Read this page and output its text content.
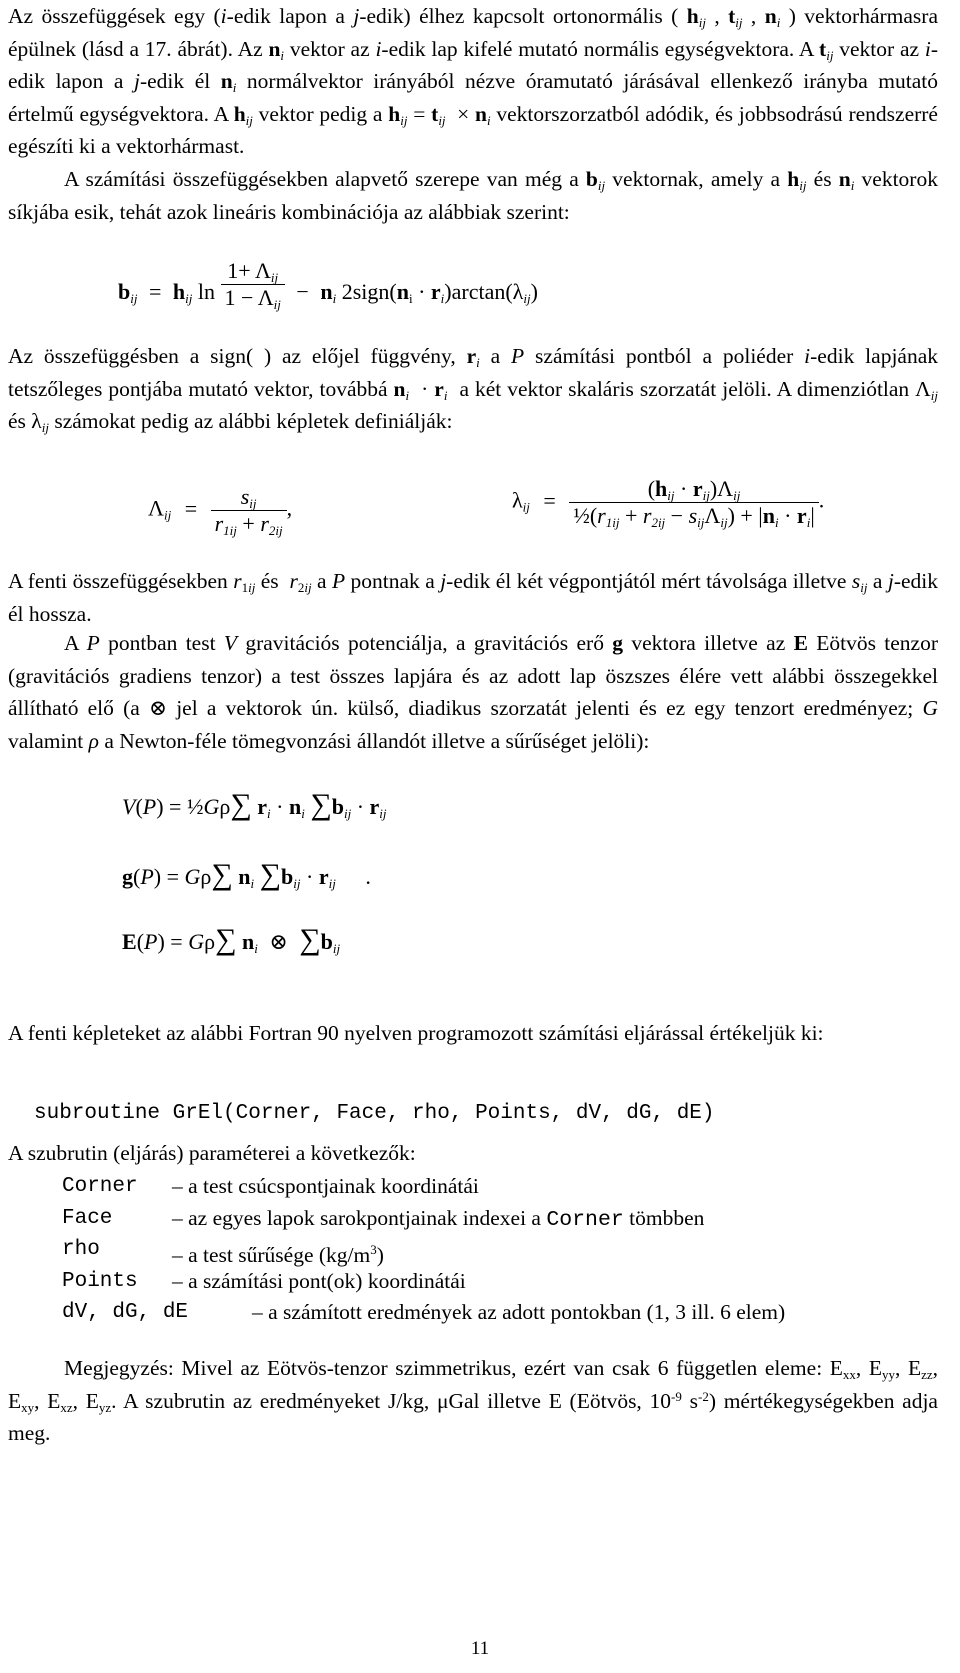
Az összefüggések egy (i-edik lapon a j-edik) élhez kapcsolt ortonormális ( $h_{ij}$ , $t_{ij}$ , $n_i$ ) vektorhármasra épülnek (lásd a 17. ábrát). Az $n_i$ vektor az i-edik lap kifelé mutató normális egységvektora. A $t_{ij}$ vektor az i-edik lapon a j-edik él $n_i$ normálvektor irányából nézve óramutató járásával ellenkező irányba mutató értelmű egységvektora. A $h_{ij}$ vektor pedig a $h_{ij} = t_{ij} \times n_i$ vektorszorzatból adódik, és jobbsodrású rendszerré egészíti ki a vektorhármast.

A számítási összefüggésekben alapvető szerepe van még a $b_{ij}$ vektornak, amely a $h_{ij}$ és $n_i$ vektorok síkjába esik, tehát azok lineáris kombinációja az alábbiak szerint:

$b_{ij} = h_{ij}$ $\ln \frac{1+ \Lambda_{ij}}{1 - \Lambda_{ij}} - n_i$ $2sign(n_i \cdot r_i)\arctan(\lambda_{ij})$

Az összefüggésben a sign( ) az előjel függvény, $r_i$ a P számítási pontból a poliéder i-edik lapjának tetszőleges pontjába mutató vektor, továbbá $n_i \cdot r_i$  a két vektor skaláris szorzatát jelöli. A dimenziótlan $\Lambda_{ij}$ és $\lambda_{ij}$ számokat pedig az alábbi képletek definiálják:

$\Lambda_{ij} = \frac{s_{ij}}{r_{1ij} + r_{2ij}}$ ,	$\lambda_{ij} = \frac{(h_{ij} \cdot r_{ij})\Lambda_{ij}}{\frac{1}{2}(r_{1ij} + r_{2ij} - s_{ij}\Lambda_{ij}) + |n_i \cdot r_i|}$ .

A fenti összefüggésekben $r_{1ij}$ és  $r_{2ij}$ a P pontnak a j-edik él két végpontjától mért távolsága illetve $s_{ij}$ a j-edik él hossza.

A P pontban test V gravitációs potenciálja, a gravitációs erő g vektora illetve az E Eötvös tenzor (gravitációs gradiens tenzor) a test összes lapjára és az adott lap öszszes élére vett alábbi összegekkel állítható elő (a ⊗ jel a vektorok ún. külső, diadikus szorzatát jelenti és ez egy tenzort eredményez; G valamint ρ a Newton-féle tömegvonzási állandót illetve a sűrűséget jelöli):

V(P) = ½Gρ∑ $r_i \cdot n_i$ $\sum b_{ij} \cdot r_{ij}$
g(P) = Gρ∑ $n_i$ $\sum b_{ij} \cdot r_{ij}$ .
E(P) = Gρ∑ $n_i$ ⊗ $\sum b_{ij}$

A fenti képleteket az alábbi Fortran 90 nyelven programozott számítási eljárással értékeljük ki:

subroutine GrEl(Corner, Face, rho, Points, dV, dG, dE)

A szubrutin (eljárás) paraméterei a következők:

Corner – a test csúcspontjainak koordinátái
Face	– az egyes lapok sarokpontjainak indexei a Corner tömbben
rho	– a test sűrűsége $(kg/m^3)$
Points – a számítási pont(ok) koordinátái
dV, dG, dE	– a számított eredmények az adott pontokban (1, 3 ill. 6 elem)

Megjegyzés: Mivel az Eötvös-tenzor szimmetrikus, ezért van csak 6 független eleme: $E_{xx}$, $E_{yy}$, $E_{zz}$, $E_{xy}$, $E_{xz}$, $E_{yz}$. A szubrutin az eredményeket J/kg, μGal illetve E (Eötvös, $10^{-9}$ $s^{-2}$) mértékegységekben adja meg.

11
